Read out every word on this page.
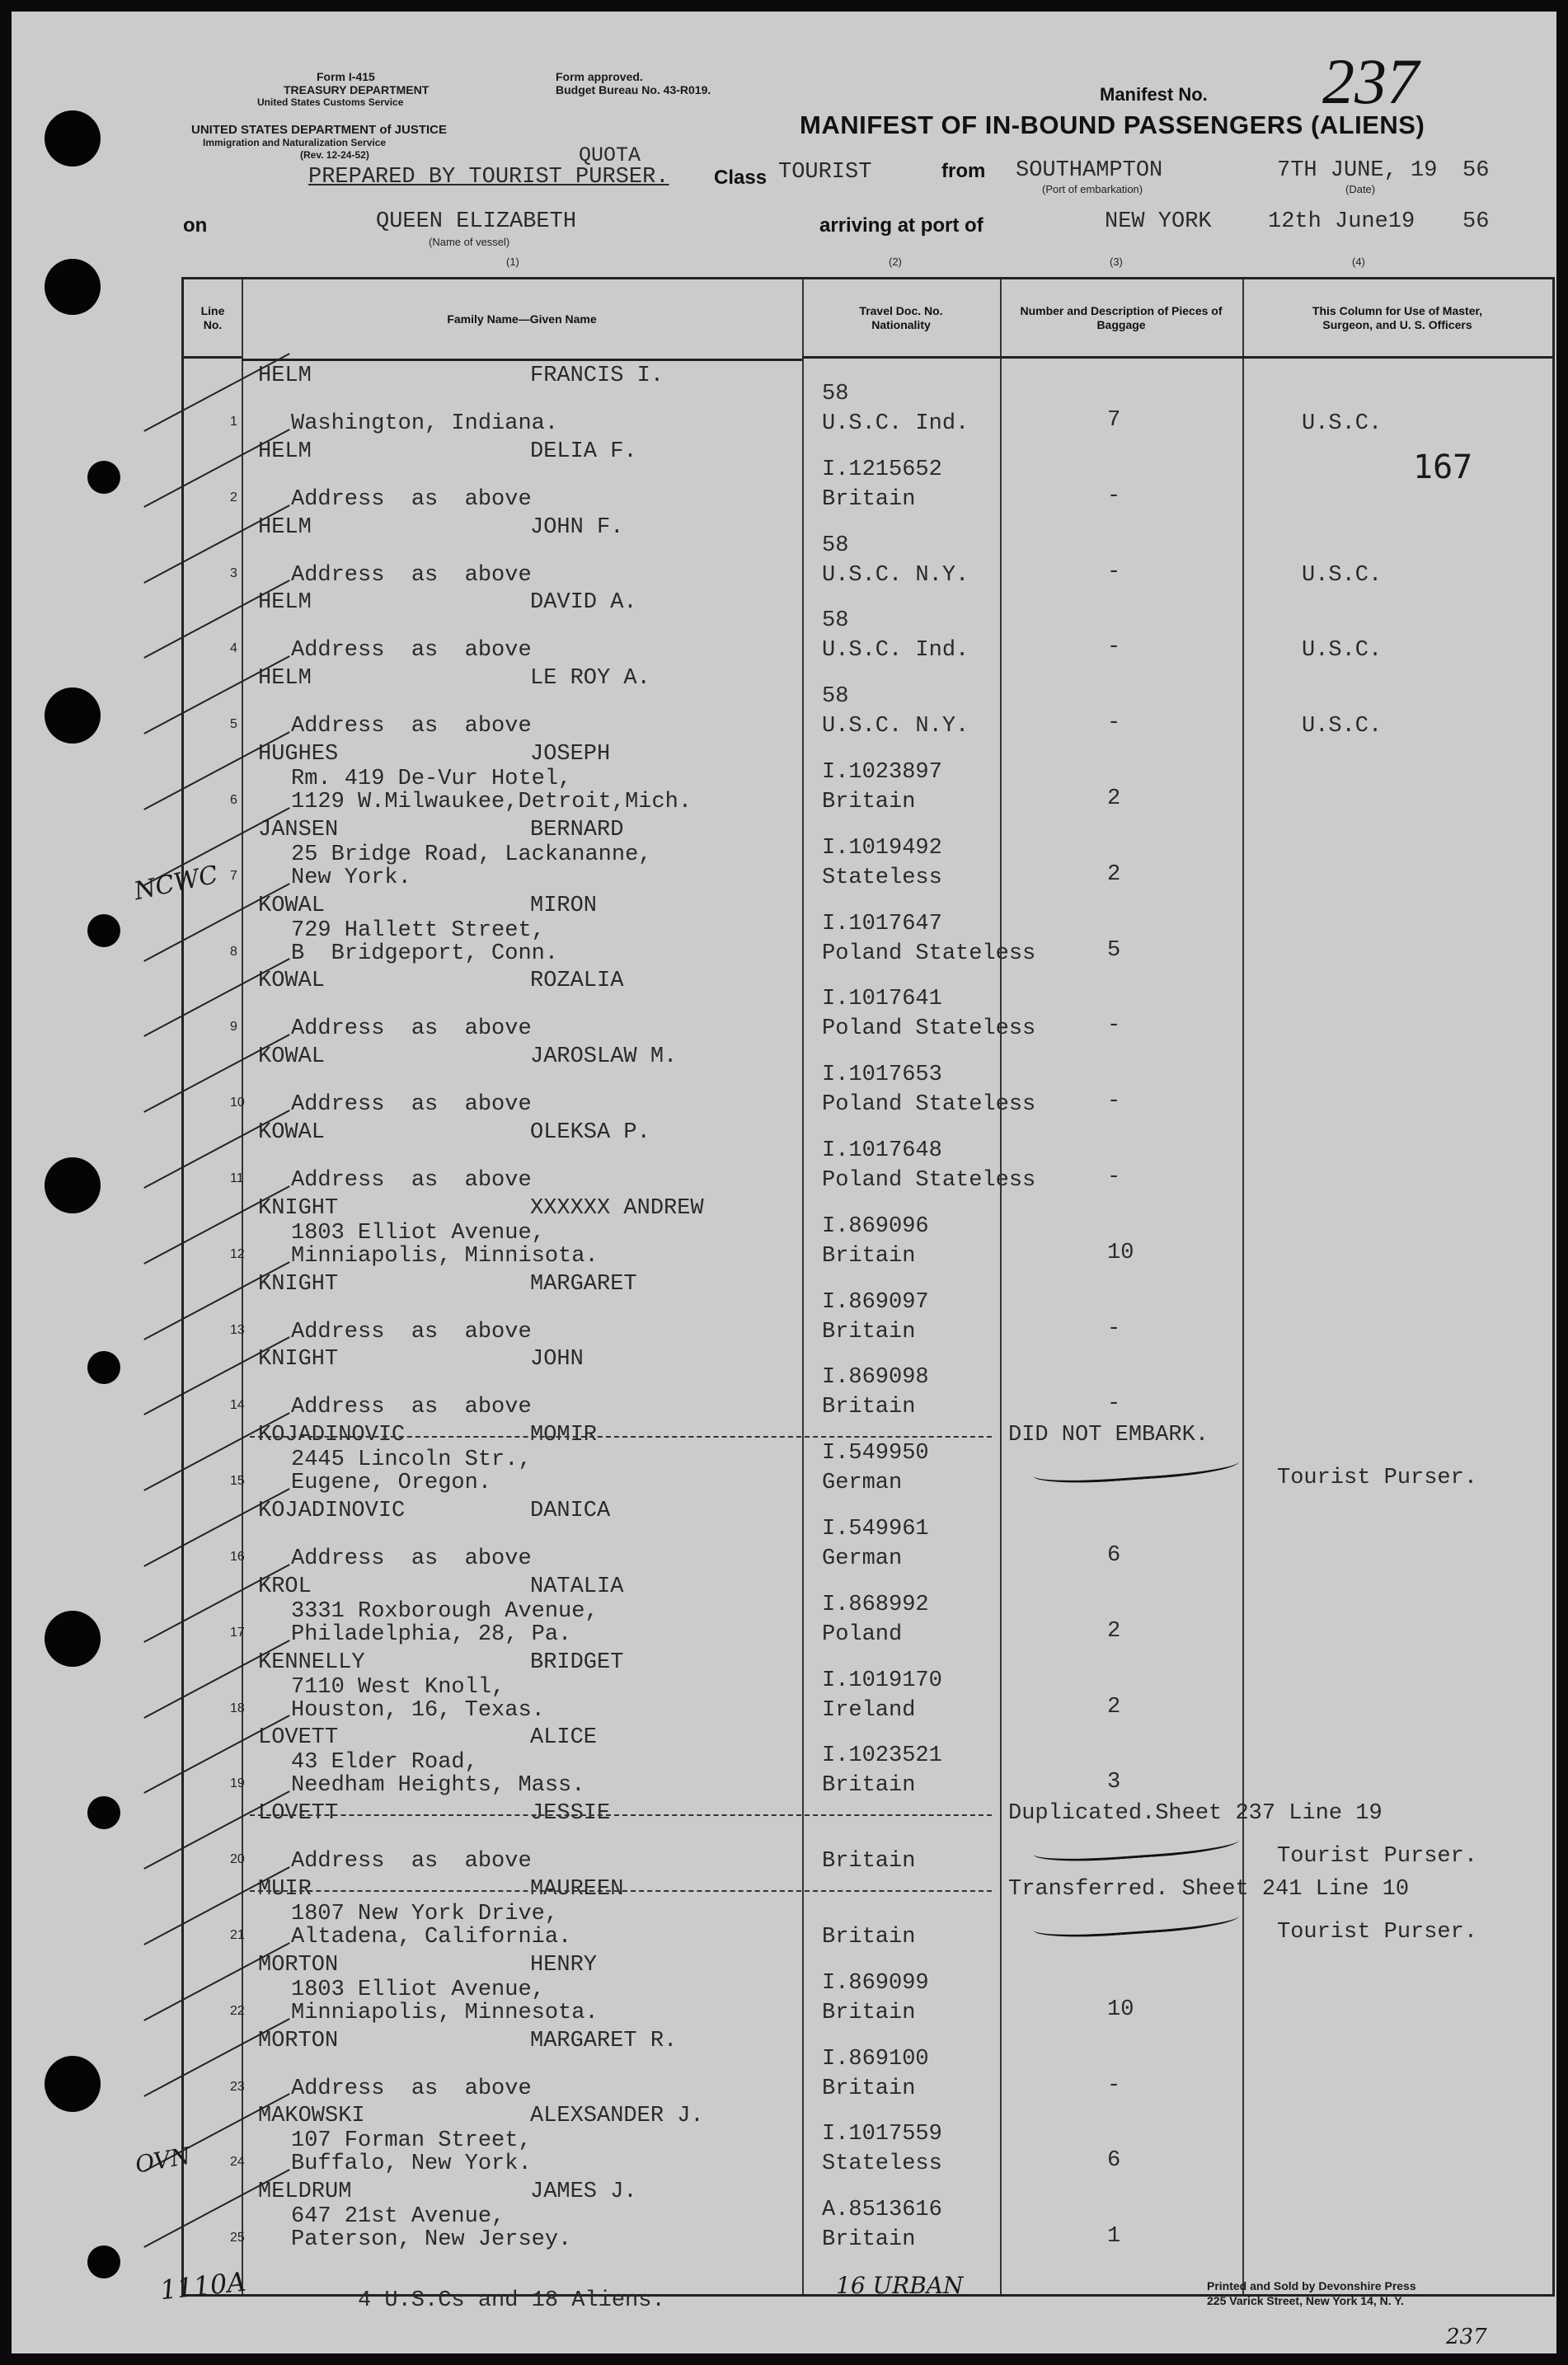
Form I-415
TREASURY DEPARTMENT
United States Customs Service
Form approved.
Budget Bureau No. 43-R019.
UNITED STATES DEPARTMENT of JUSTICE
Immigration and Naturalization Service
(Rev. 12-24-52)
Manifest No. 237
MANIFEST OF IN-BOUND PASSENGERS (ALIENS)
QUOTA
PREPARED BY TOURIST PURSER. Class TOURIST	from SOUTHAMPTON
(Port of embarkation)
7TH JUNE, 19 56
(Date)
on	QUEEN ELIZABETH
(Name of vessel)
arriving at port of	NEW YORK	12th June19 56
(1)	(2)	(3)	(4)
Line No.	Family Name—Given Name
Travel Doc. No. Nationality
Number and Description of Pieces of Baggage
This Column for Use of Master, Surgeon, and U. S. Officers
1
HELM	FRANCIS I.
Washington, Indiana.
58
U.S.C. Ind.	7	U.S.C.
2
HELM	DELIA F.
Address  as  above
I.1215652
Britain	-
3
HELM	JOHN F.
Address  as  above
58
U.S.C. N.Y.	-	U.S.C.
4
HELM	DAVID A.
Address  as  above
58
U.S.C. Ind.	-	U.S.C.
5
HELM	LE ROY A.
Address  as  above
58
U.S.C. N.Y.	-	U.S.C.
6
HUGHES	JOSEPH
Rm. 419 De-Vur Hotel,
1129 W.Milwaukee,Detroit,Mich.
I.1023897
Britain	2
7
JANSEN	BERNARD
25 Bridge Road, Lackananne,
New York.
I.1019492
Stateless	2
8
KOWAL	MIRON
729 Hallett Street,
B  Bridgeport, Conn.
I.1017647
Poland Stateless	5
9
KOWAL	ROZALIA
Address  as  above
I.1017641
Poland Stateless	-
10
KOWAL	JAROSLAW M.
Address  as  above
I.1017653
Poland Stateless	-
11
KOWAL	OLEKSA P.
Address  as  above
I.1017648
Poland Stateless	-
12
KNIGHT	XXXXXX ANDREW
1803 Elliot Avenue,
Minniapolis, Minnisota.
I.869096
Britain	10
13
KNIGHT	MARGARET
Address  as  above
I.869097
Britain	-
14
KNIGHT	JOHN
Address  as  above
I.869098
Britain	-
15
KOJADINOVIC	MOMIR
2445 Lincoln Str.,
Eugene, Oregon.
I.549950
German
DID NOT EMBARK.
Tourist Purser.
16
KOJADINOVIC	DANICA
Address  as  above
I.549961
German	6
17
KROL	NATALIA
3331 Roxborough Avenue,
Philadelphia, 28, Pa.
I.868992
Poland	2
18
KENNELLY	BRIDGET
7110 West Knoll,
Houston, 16, Texas.
I.1019170
Ireland	2
19
LOVETT	ALICE
43 Elder Road,
Needham Heights, Mass.
I.1023521
Britain	3
20
LOVETT	JESSIE
Address  as  above	Britain
Duplicated.Sheet 237 Line 19
Tourist Purser.
21
MUIR	MAUREEN
1807 New York Drive,
Altadena, California.	Britain
Transferred. Sheet 241 Line 10
Tourist Purser.
22
MORTON	HENRY
1803 Elliot Avenue,
Minniapolis, Minnesota.
I.869099
Britain	10
23
MORTON	MARGARET R.
Address  as  above
I.869100
Britain	-
24
MAKOWSKI	ALEXSANDER J.
107 Forman Street,
Buffalo, New York.
I.1017559
Stateless	6
25
MELDRUM	JAMES J.
647 21st Avenue,
Paterson, New Jersey.
A.8513616
Britain	1
167
NCWC
OVN
1110A	16 URBAN
237
4 U.S.Cs and 18 Aliens.
Printed and Sold by Devonshire Press
225 Varick Street, New York 14, N. Y.
